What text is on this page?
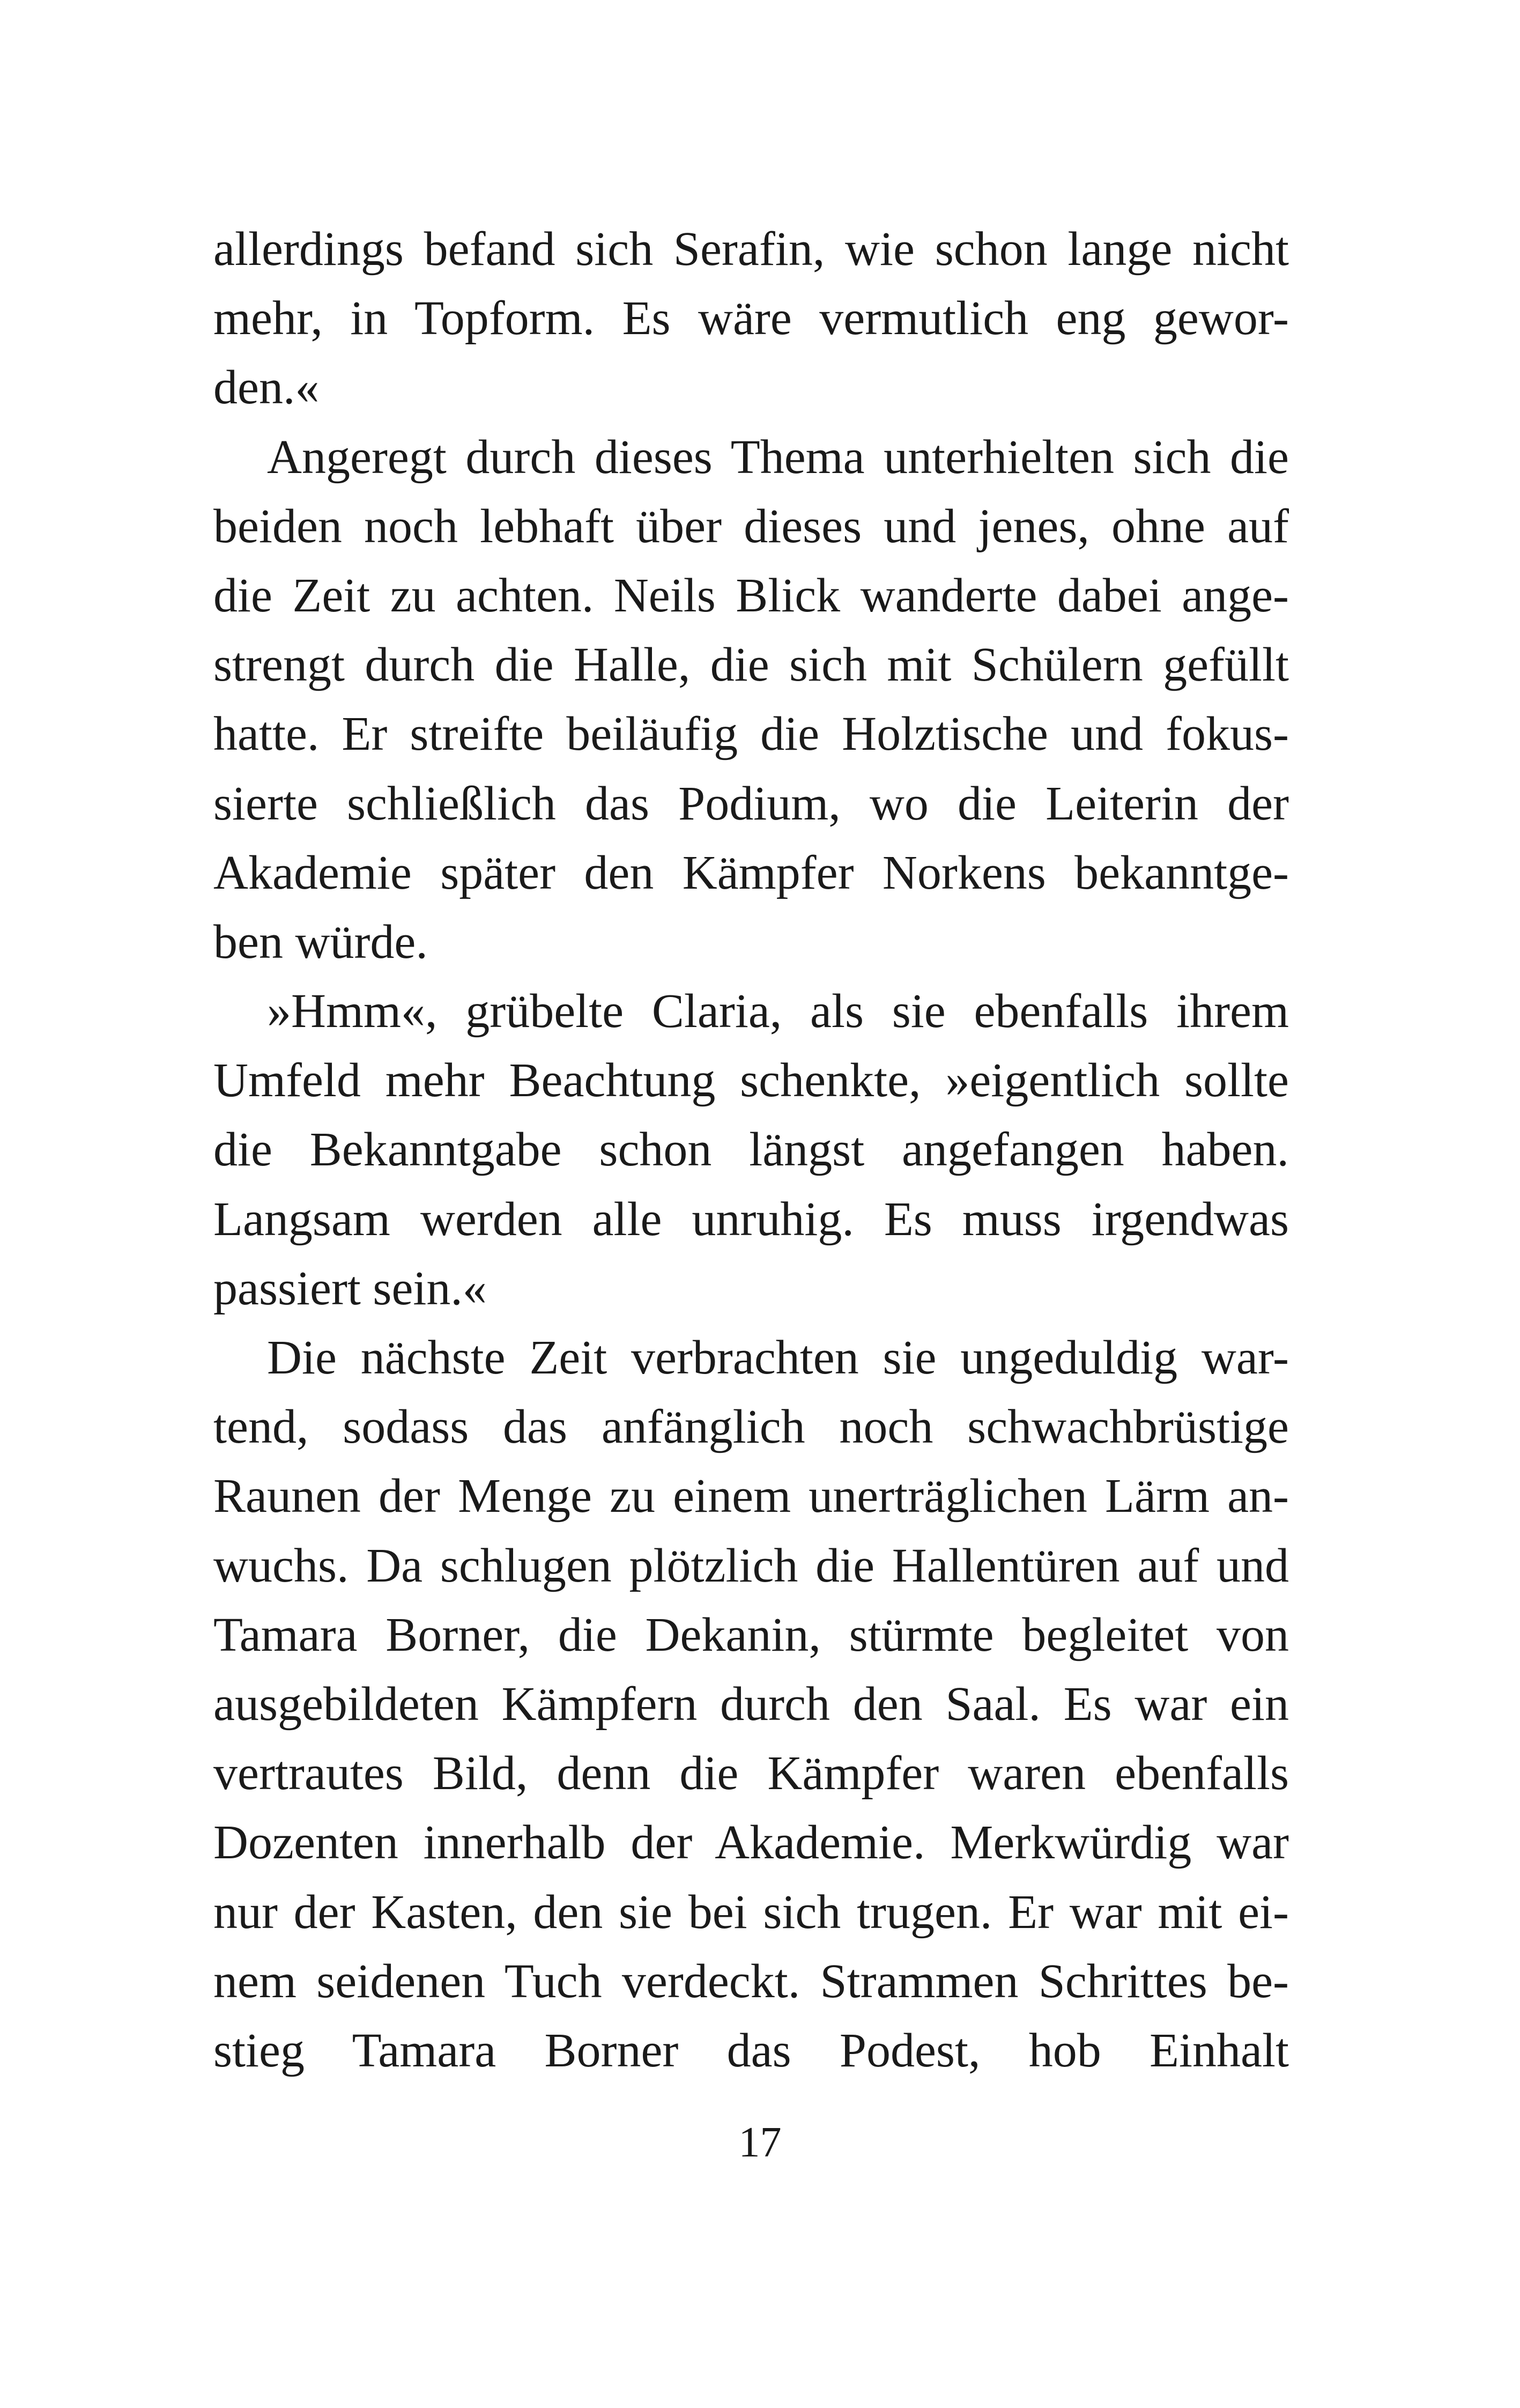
allerdings befand sich Serafin, wie schon lange nicht
mehr, in Topform. Es wäre vermutlich eng gewor-
den.«
Angeregt durch dieses Thema unterhielten sich die
beiden noch lebhaft über dieses und jenes, ohne auf
die Zeit zu achten. Neils Blick wanderte dabei ange-
strengt durch die Halle, die sich mit Schülern gefüllt
hatte. Er streifte beiläufig die Holztische und fokus-
sierte schließlich das Podium, wo die Leiterin der
Akademie später den Kämpfer Norkens bekanntge-
ben würde.
»Hmm«, grübelte Claria, als sie ebenfalls ihrem
Umfeld mehr Beachtung schenkte, »eigentlich sollte
die Bekanntgabe schon längst angefangen haben.
Langsam werden alle unruhig. Es muss irgendwas
passiert sein.«
Die nächste Zeit verbrachten sie ungeduldig war-
tend, sodass das anfänglich noch schwachbrüstige
Raunen der Menge zu einem unerträglichen Lärm an-
wuchs. Da schlugen plötzlich die Hallentüren auf und
Tamara Borner, die Dekanin, stürmte begleitet von
ausgebildeten Kämpfern durch den Saal. Es war ein
vertrautes Bild, denn die Kämpfer waren ebenfalls
Dozenten innerhalb der Akademie. Merkwürdig war
nur der Kasten, den sie bei sich trugen. Er war mit ei-
nem seidenen Tuch verdeckt. Strammen Schrittes be-
stieg Tamara Borner das Podest, hob Einhalt
17
